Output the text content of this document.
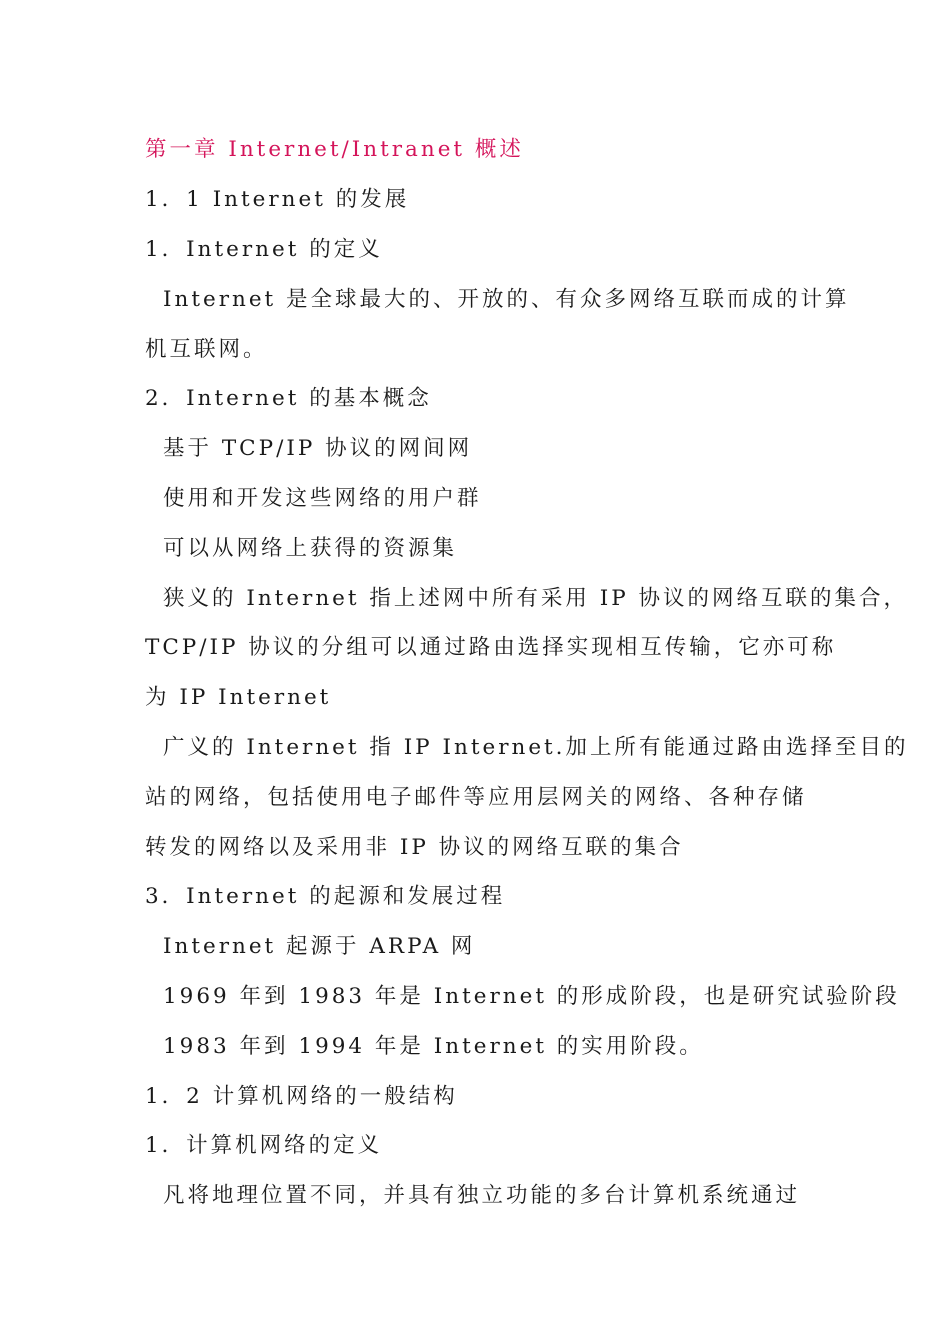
第一章 Internet/Intranet 概述
1．1 Internet 的发展
1．Internet 的定义
Internet 是全球最大的、开放的、有众多网络互联而成的计算
机互联网。
2．Internet 的基本概念
基于 TCP/IP 协议的网间网
使用和开发这些网络的用户群
可以从网络上获得的资源集
狭义的 Internet 指上述网中所有采用 IP 协议的网络互联的集合，
TCP/IP 协议的分组可以通过路由选择实现相互传输，它亦可称
为 IP Internet
广义的 Internet 指 IP Internet.加上所有能通过路由选择至目的
站的网络，包括使用电子邮件等应用层网关的网络、各种存储
转发的网络以及采用非 IP 协议的网络互联的集合
3．Internet 的起源和发展过程
Internet 起源于 ARPA 网
1969 年到 1983 年是 Internet 的形成阶段，也是研究试验阶段
1983 年到 1994 年是 Internet 的实用阶段。
1．2 计算机网络的一般结构
1．计算机网络的定义
凡将地理位置不同，并具有独立功能的多台计算机系统通过
